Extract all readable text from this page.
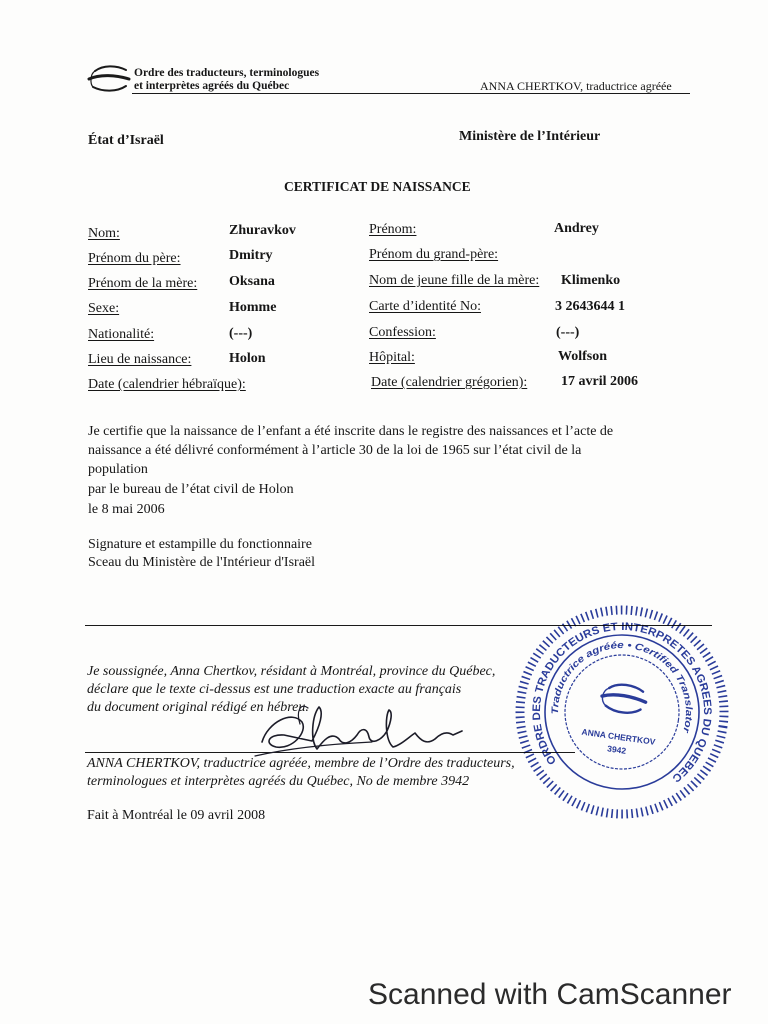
Ordre des traducteurs, terminologues
et interprètes agréés du Québec	ANNA CHERTKOV, traductrice agréée
État d’Israël	Ministère de l’Intérieur
CERTIFICAT DE NAISSANCE
Nom:	Zhuravkov	Prénom:	Andrey
Prénom du père:	Dmitry	Prénom du grand-père:
Prénom de la mère: Oksana	Nom de jeune fille de la mère: Klimenko
Sexe:	Homme	Carte d’identité No:	3 2643644 1
Nationalité:	(---)	Confession:	(---)
Lieu de naissance:	Holon	Hôpital:	Wolfson
Date (calendrier hébraïque):	Date (calendrier grégorien): 17 avril 2006
Je certifie que la naissance de l’enfant a été inscrite dans le registre des naissances et l’acte de
naissance a été délivré conformément à l’article 30 de la loi de 1965 sur l’état civil de la
population
par le bureau de l’état civil de Holon
le 8 mai 2006
Signature et estampille du fonctionnaire
Sceau du Ministère de l'Intérieur d'Israël
Je soussignée, Anna Chertkov, résidant à Montréal, province du Québec,
déclare que le texte ci-dessus est une traduction exacte au français
du document original rédigé en hébreu.
ANNA CHERTKOV, traductrice agréée, membre de l’Ordre des traducteurs,
terminologues et interprètes agréés du Québec, No de membre 3942
Fait à Montréal le 09 avril 2008
ORDRE DES TRADUCTEURS ET INTERPRETES AGREES DU QUEBEC
Traductrice agréée • Certified Translator
ANNA CHERTKOV
3942
Scanned with CamScanner
